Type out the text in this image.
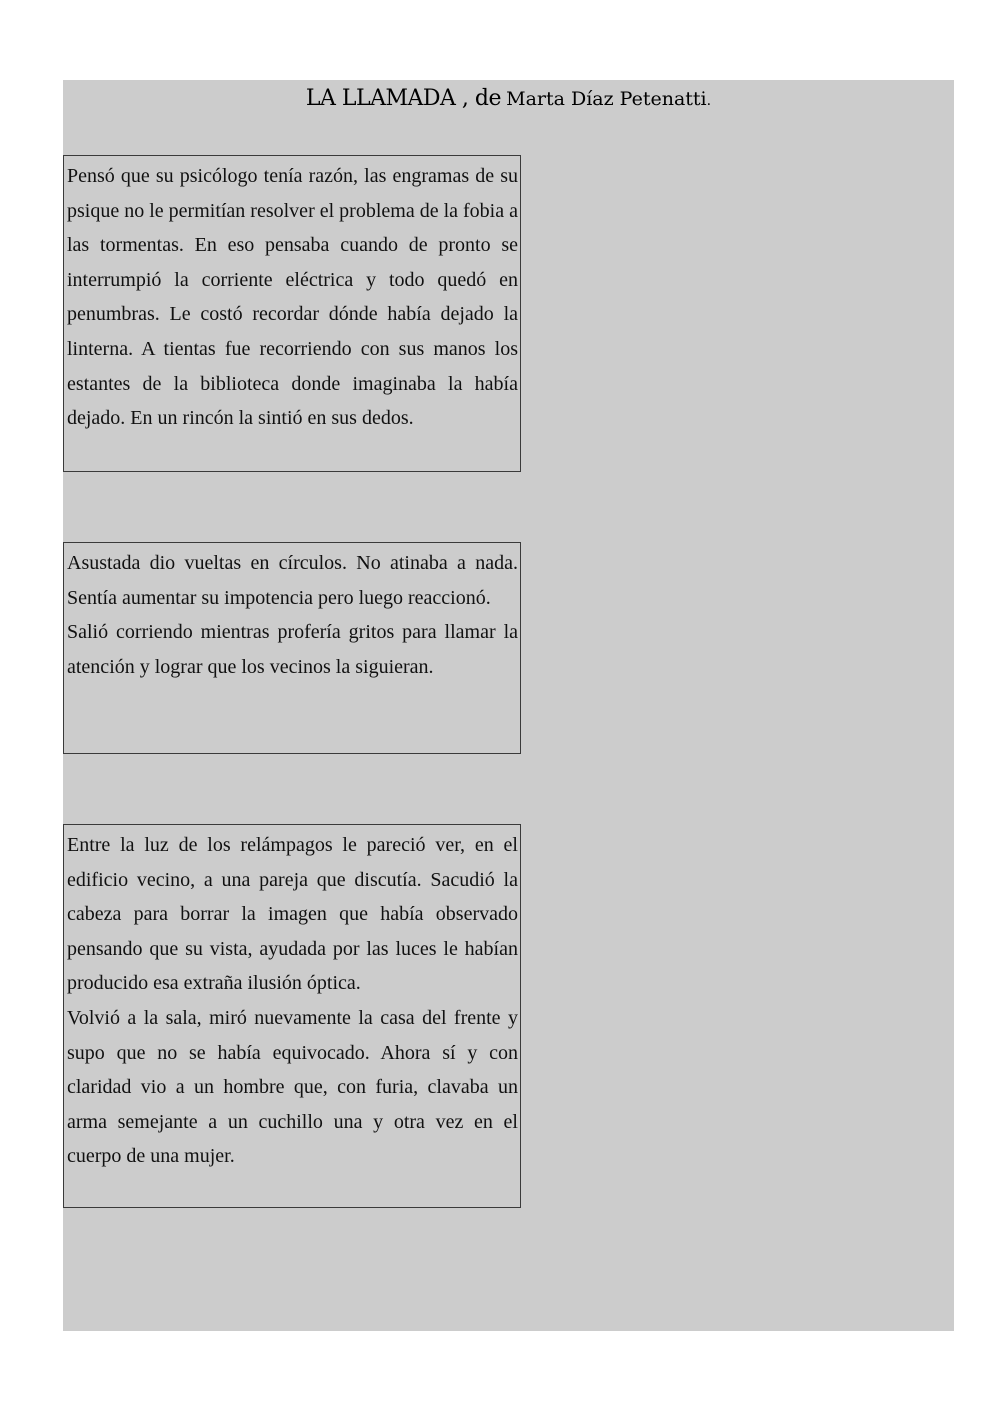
LA LLAMADA , de Marta Díaz Petenatti.

Pensó que su psicólogo tenía razón, las engramas de su psique no le permitían resolver el problema de la fobia a las tormentas. En eso pensaba cuando de pronto se interrumpió la corriente eléctrica y todo quedó en penumbras. Le costó recordar dónde había dejado la linterna. A tientas fue recorriendo con sus manos los estantes de la biblioteca donde imaginaba la había dejado. En un rincón la sintió en sus dedos.

Asustada dio vueltas en círculos. No atinaba a nada. Sentía aumentar su impotencia pero luego reaccionó.

Salió corriendo mientras profería gritos para llamar la atención y lograr que los vecinos la siguieran.

Entre la luz de los relámpagos le pareció ver, en el edificio vecino, a una pareja que discutía. Sacudió la cabeza para borrar la imagen que había observado pensando que su vista, ayudada por las luces le habían producido esa extraña ilusión óptica.

Volvió a la sala, miró nuevamente la casa del frente y supo que no se había equivocado. Ahora sí y con claridad vio a un hombre que, con furia, clavaba un arma semejante a un cuchillo una y otra vez en el cuerpo de una mujer.
